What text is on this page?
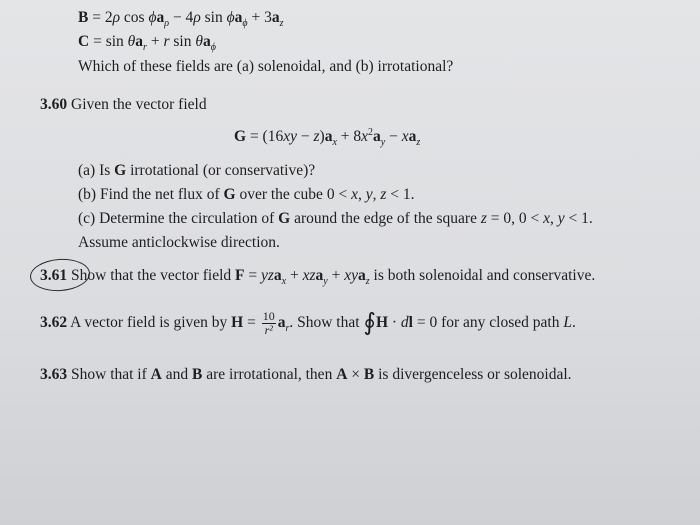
B = 2ρ $\cos \phi a_\rho - 4\rho$ $\sin \phi a_\phi + 3a_z$
$C = \sin \theta a_r + r$ $\sin \theta a_\phi$
Which of these fields are (a) solenoidal, and (b) irrotational?
3.60 Given the vector field
$G = (16xy - z)a_x + 8x^2a_y - xa_z$
(a) Is G irrotational (or conservative)?
(b) Find the net flux of G over the cube 0 < x, y, z < 1.
(c) Determine the circulation of G around the edge of the square z = 0, 0 < x, y < 1.
Assume anticlockwise direction.
3.61 Show that the vector field F = yza$_x$ + xza$_y$ + xya$_z$ is both solenoidal and conservative.
3.62 A vector field is given by $H = \frac{10}{\text{r²}} a_r$. Show that ∮H · dl = 0 for any closed path L.
3.63 Show that if A and B are irrotational, then A × B is divergenceless or solenoidal.
